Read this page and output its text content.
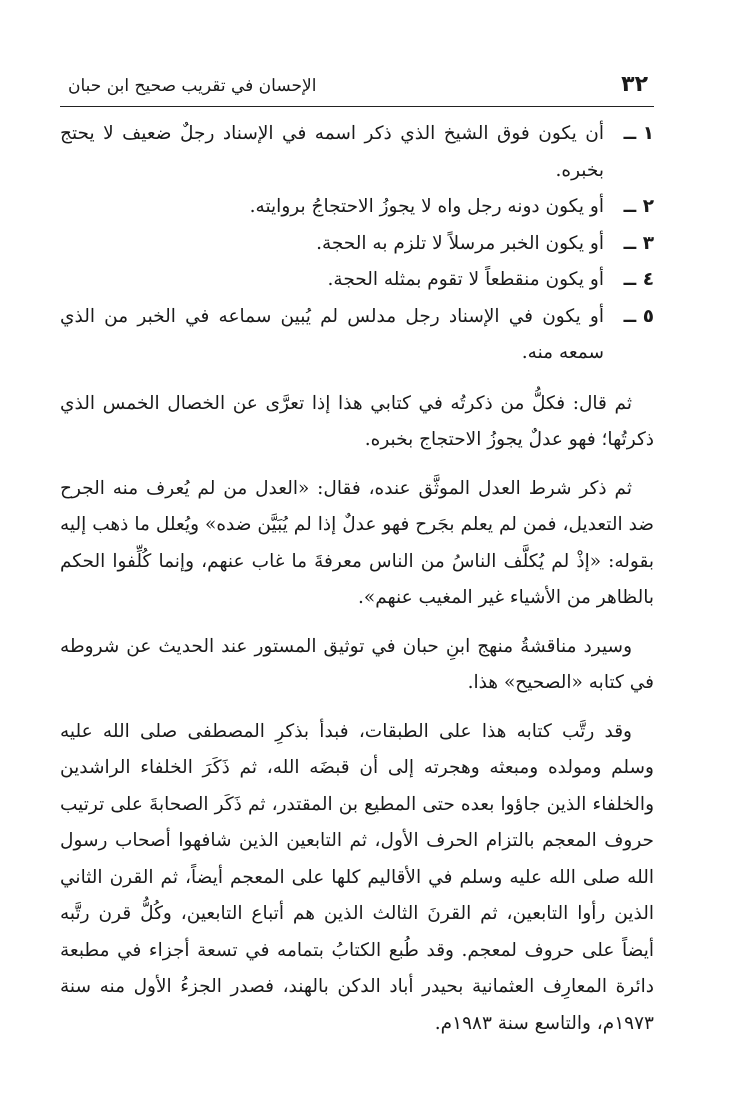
٣٢
الإحسان في تقريب صحيح ابن حبان
١ ــ
أن يكون فوق الشيخ الذي ذكر اسمه في الإسناد رجلٌ ضعيف لا يحتج بخبره.
٢ ــ
أو يكون دونه رجل واه لا يجوزُ الاحتجاجُ بروايته.
٣ ــ
أو يكون الخبر مرسلاً لا تلزم به الحجة.
٤ ــ
أو يكون منقطعاً لا تقوم بمثله الحجة.
٥ ــ
أو يكون في الإسناد رجل مدلس لم يُبين سماعه في الخبر من الذي سمعه منه.

ثم قال: فكلُّ من ذكرتُه في كتابي هذا إذا تعرَّى عن الخصال الخمس الذي ذكرتُها؛ فهو عدلٌ يجوزُ الاحتجاج بخبره.

ثم ذكر شرط العدل الموثَّق عنده، فقال: «العدل من لم يُعرف منه الجرح ضد التعديل، فمن لم يعلم بجَرح فهو عدلٌ إذا لم يُبَيَّن ضده» ويُعلل ما ذهب إليه بقوله: «إذْ لم يُكلَّف الناسُ من الناس معرفةَ ما غاب عنهم، وإنما كُلِّفوا الحكم بالظاهر من الأشياء غير المغيب عنهم».

وسيرد مناقشةُ منهج ابنِ حبان في توثيق المستور عند الحديث عن شروطه في كتابه «الصحيح» هذا.

وقد رتَّب كتابه هذا على الطبقات، فبدأ بذكرِ المصطفى صلى الله عليه وسلم ومولده ومبعثه وهجرته إلى أن قبضَه الله، ثم ذَكَرَ الخلفاء الراشدين والخلفاء الذين جاؤوا بعده حتى المطيع بن المقتدر، ثم ذَكَر الصحابةَ على ترتيب حروف المعجم بالتزام الحرف الأول، ثم التابعين الذين شافهوا أصحاب رسول الله صلى الله عليه وسلم في الأقاليم كلها على المعجم أيضاً، ثم القرن الثاني الذين رأوا التابعين، ثم القرنَ الثالث الذين هم أتباع التابعين، وكُلُّ قرن رتَّبه أيضاً على حروف لمعجم. وقد طُبع الكتابُ بتمامه في تسعة أجزاء في مطبعة دائرة المعارِف العثمانية بحيدر أباد الدكن بالهند، فصدر الجزءُ الأول منه سنة ١٩٧٣م، والتاسع سنة ١٩٨٣م.
